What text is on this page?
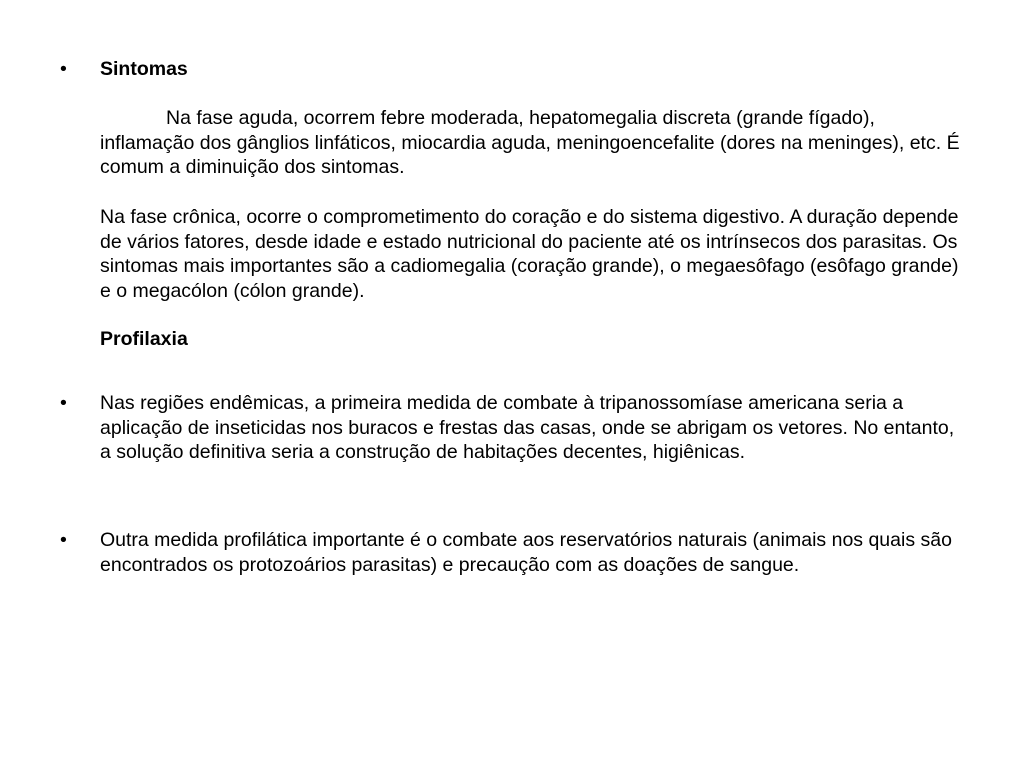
•	Sintomas

Na fase aguda, ocorrem febre moderada, hepatomegalia discreta (grande fígado), inflamação dos gânglios linfáticos, miocardia aguda, meningoencefalite (dores na meninges), etc. É comum a diminuição dos sintomas.

Na fase crônica, ocorre o comprometimento do coração e do sistema digestivo. A duração depende de vários fatores, desde idade e estado nutricional do paciente até os intrínsecos dos parasitas. Os sintomas mais importantes são a cadiomegalia (coração grande), o megaesôfago (esôfago grande) e o megacólon (cólon grande).

Profilaxia

•	Nas regiões endêmicas, a primeira medida de combate à tripanossomíase americana seria a aplicação de inseticidas nos buracos e frestas das casas, onde se abrigam os vetores. No entanto, a solução definitiva seria a construção de habitações decentes, higiênicas.

•	Outra medida profilática importante é o combate aos reservatórios naturais (animais nos quais são encontrados os protozoários parasitas) e precaução com as doações de sangue.
